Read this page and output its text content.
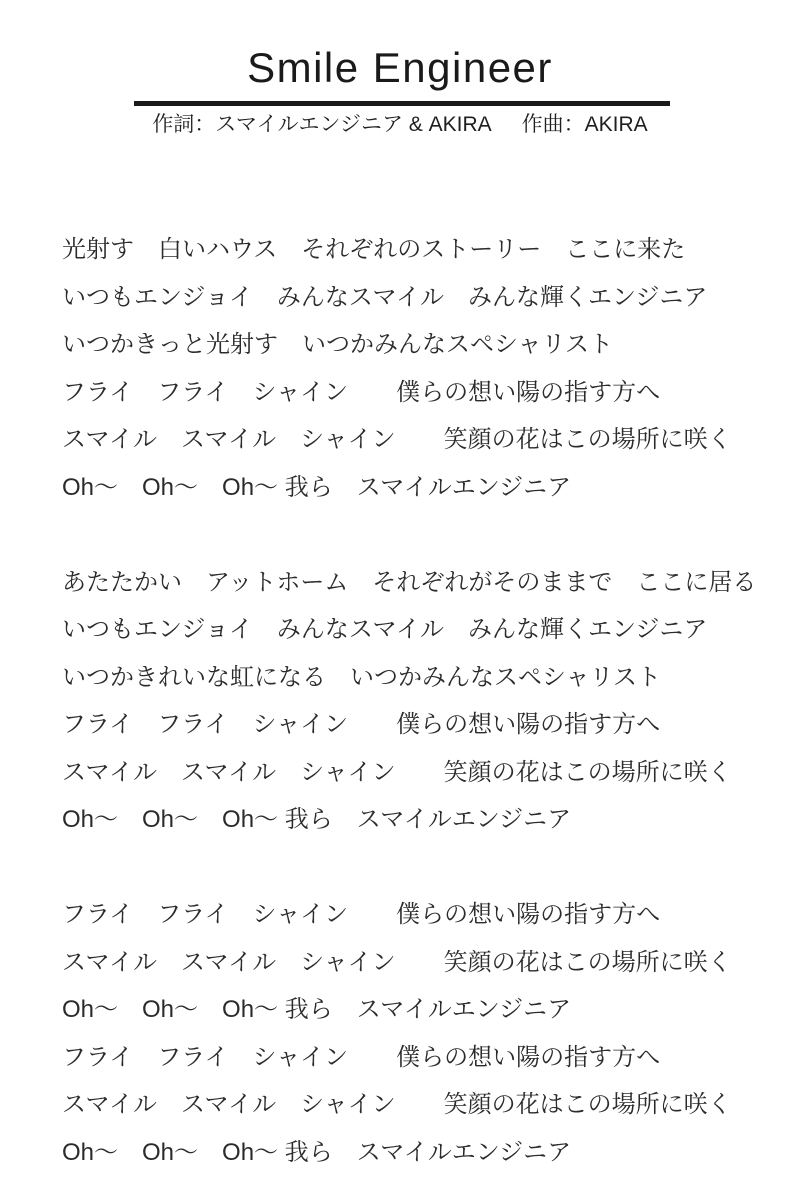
Smile Engineer
作詞：スマイルエンジニア & AKIRA 作曲：AKIRA
光射す　白いハウス　それぞれのストーリー　ここに来た
いつもエンジョイ　みんなスマイル　みんな輝くエンジニア
いつかきっと光射す　いつかみんなスペシャリスト
フライ　フライ　シャイン　　僕らの想い陽の指す方へ
スマイル　スマイル　シャイン　　笑顔の花はこの場所に咲く
Oh～　Oh～　Oh～ 我ら　スマイルエンジニア
あたたかい　アットホーム　それぞれがそのままで　ここに居る
いつもエンジョイ　みんなスマイル　みんな輝くエンジニア
いつかきれいな虹になる　いつかみんなスペシャリスト
フライ　フライ　シャイン　　僕らの想い陽の指す方へ
スマイル　スマイル　シャイン　　笑顔の花はこの場所に咲く
Oh～　Oh～　Oh～ 我ら　スマイルエンジニア
フライ　フライ　シャイン　　僕らの想い陽の指す方へ
スマイル　スマイル　シャイン　　笑顔の花はこの場所に咲く
Oh～　Oh～　Oh～ 我ら　スマイルエンジニア
フライ　フライ　シャイン　　僕らの想い陽の指す方へ
スマイル　スマイル　シャイン　　笑顔の花はこの場所に咲く
Oh～　Oh～　Oh～ 我ら　スマイルエンジニア
